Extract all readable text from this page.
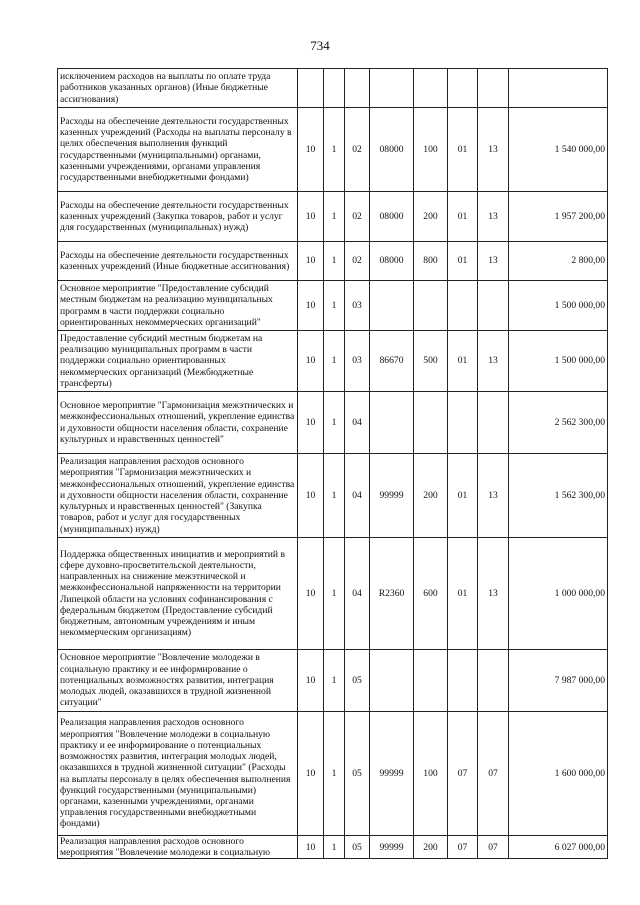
734
исключением расходов на выплаты по оплате труда работников указанных органов) (Иные бюджетные ассигнования)								
Расходы на обеспечение деятельности государственных казенных учреждений (Расходы на выплаты персоналу в целях обеспечения выполнения функций государственными (муниципальными) органами, казенными учреждениями, органами управления государственными внебюджетными фондами)	10	1	02	08000	100	01	13	1 540 000,00
Расходы на обеспечение деятельности государственных казенных учреждений (Закупка товаров, работ и услуг для государственных (муниципальных) нужд)	10	1	02	08000	200	01	13	1 957 200,00
Расходы на обеспечение деятельности государственных казенных учреждений (Иные бюджетные ассигнования)	10	1	02	08000	800	01	13	2 800,00
Основное мероприятие "Предоставление субсидий местным бюджетам на реализацию муниципальных программ в части поддержки социально ориентированных некоммерческих организаций"	10	1	03					1 500 000,00
Предоставление субсидий местным бюджетам на реализацию муниципальных программ в части поддержки социально ориентированных некоммерческих организаций (Межбюджетные трансферты)	10	1	03	86670	500	01	13	1 500 000,00
Основное мероприятие "Гармонизация межэтнических и межконфессиональных отношений, укрепление единства и духовности общности населения области, сохранение культурных и нравственных ценностей"	10	1	04					2 562 300,00
Реализация направления расходов основного мероприятия "Гармонизация межэтнических и межконфессиональных отношений, укрепление единства и духовности общности населения области, сохранение культурных и нравственных ценностей" (Закупка товаров, работ и услуг для государственных (муниципальных) нужд)	10	1	04	99999	200	01	13	1 562 300,00
Поддержка общественных инициатив и мероприятий в сфере духовно-просветительской деятельности, направленных на снижение межэтнической и межконфессиональной напряженности на территории Липецкой области на условиях софинансирования с федеральным бюджетом (Предоставление субсидий бюджетным, автономным учреждениям и иным некоммерческим организациям)	10	1	04	R2360	600	01	13	1 000 000,00
Основное мероприятие "Вовлечение молодежи в социальную практику и ее информирование о потенциальных возможностях развития, интеграция молодых людей, оказавшихся в трудной жизненной ситуации"	10	1	05					7 987 000,00
Реализация направления расходов основного мероприятия "Вовлечение молодежи в социальную практику и ее информирование о потенциальных возможностях развития, интеграция молодых людей, оказавшихся в трудной жизненной ситуации" (Расходы на выплаты персоналу в целях обеспечения выполнения функций государственными (муниципальными) органами, казенными учреждениями, органами управления государственными внебюджетными фондами)	10	1	05	99999	100	07	07	1 600 000,00
Реализация направления расходов основного мероприятия "Вовлечение молодежи в социальную	10	1	05	99999	200	07	07	6 027 000,00
